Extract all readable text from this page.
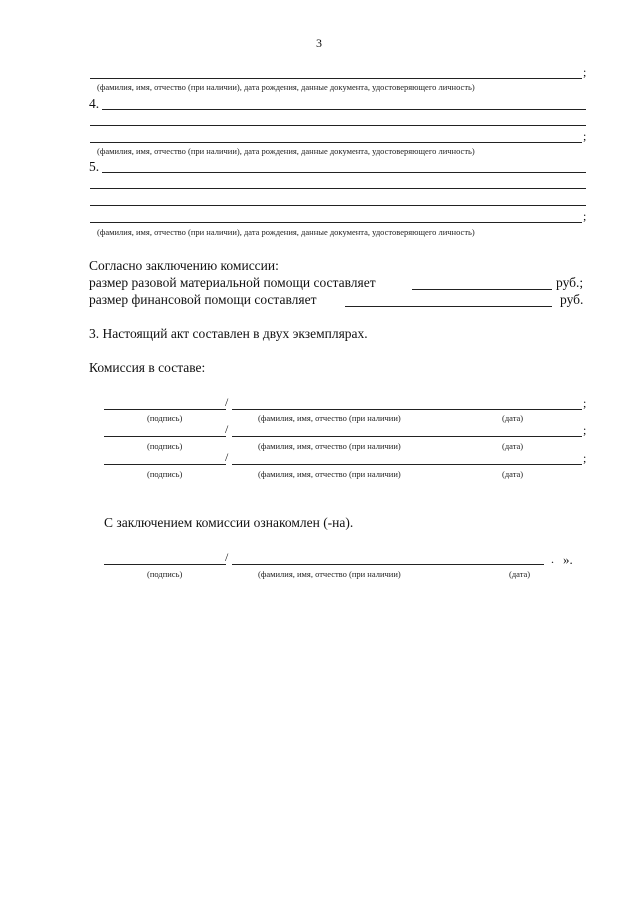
3
;
(фамилия, имя, отчество (при наличии), дата рождения, данные документа, удостоверяющего личность)
4.
;
(фамилия, имя, отчество (при наличии), дата рождения, данные документа, удостоверяющего личность)
5.
;
(фамилия, имя, отчество (при наличии), дата рождения, данные документа, удостоверяющего личность)
Согласно заключению комиссии:
размер разовой материальной помощи составляет	руб.;
размер финансовой помощи составляет	руб.
3. Настоящий акт составлен в двух экземплярах.
Комиссия в составе:
/	;
(подпись)	(фамилия, имя, отчество (при наличии)	(дата)
/	;
(подпись)	(фамилия, имя, отчество (при наличии)	(дата)
/	;
(подпись)	(фамилия, имя, отчество (при наличии)	(дата)
С заключением комиссии ознакомлен (-на).
/	. ».
(подпись)	(фамилия, имя, отчество (при наличии)	(дата)
